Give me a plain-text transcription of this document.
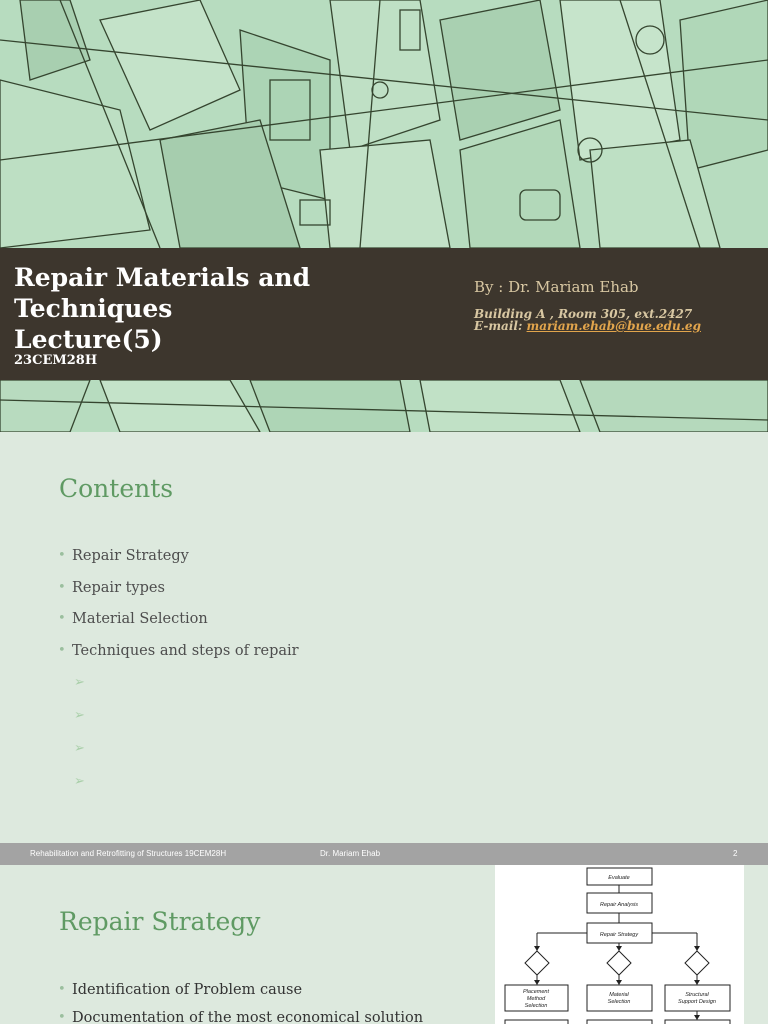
Repair Materials and
Techniques
Lecture(5)
23CEM28H
By : Dr. Mariam Ehab
Building A , Room 305, ext.2427
E-mail: mariam.ehab@bue.edu.eg
Contents
• Repair Strategy
• Repair types
• Material Selection
• Techniques and steps of repair
➢
➢
➢
➢
Rehabilitation and Retrofitting of Structures 19CEM28H	Dr. Mariam Ehab	2
Repair Strategy
• Identification of Problem cause
• Documentation of the most economical solution
Evaluate
Repair Analysis
Repair Strategy
Placement
Method
Selection
Material
Selection
Structural
Support Design
